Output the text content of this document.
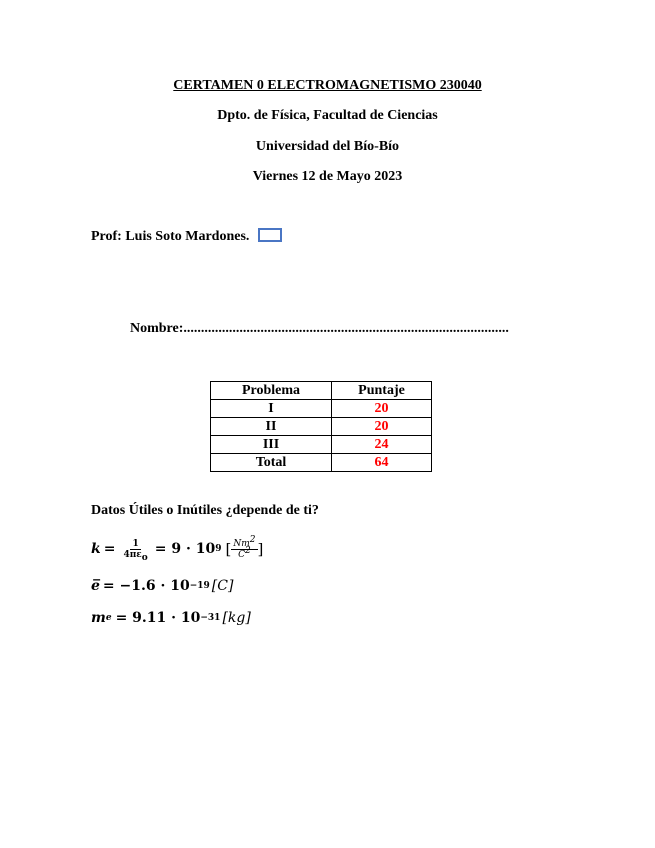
CERTAMEN 0 ELECTROMAGNETISMO 230040
Dpto. de Física, Facultad de Ciencias
Universidad del Bío-Bío
Viernes 12 de Mayo 2023
Prof: Luis Soto Mardones.
Nombre:.............................................................................................
Problema	Puntaje
I	20
II	20
III	24
Total	64
Datos Útiles o Inútiles ¿depende de ti?
$k = \frac{1}{4\pi\varepsilon_o} = 9 \cdot 10$ 9 [ $\frac{Nm^2}{C^2}$ ]
e̅ = −1.6 · 10 −19 [C]
m e = 9.11 · 10 −31 [kg]
